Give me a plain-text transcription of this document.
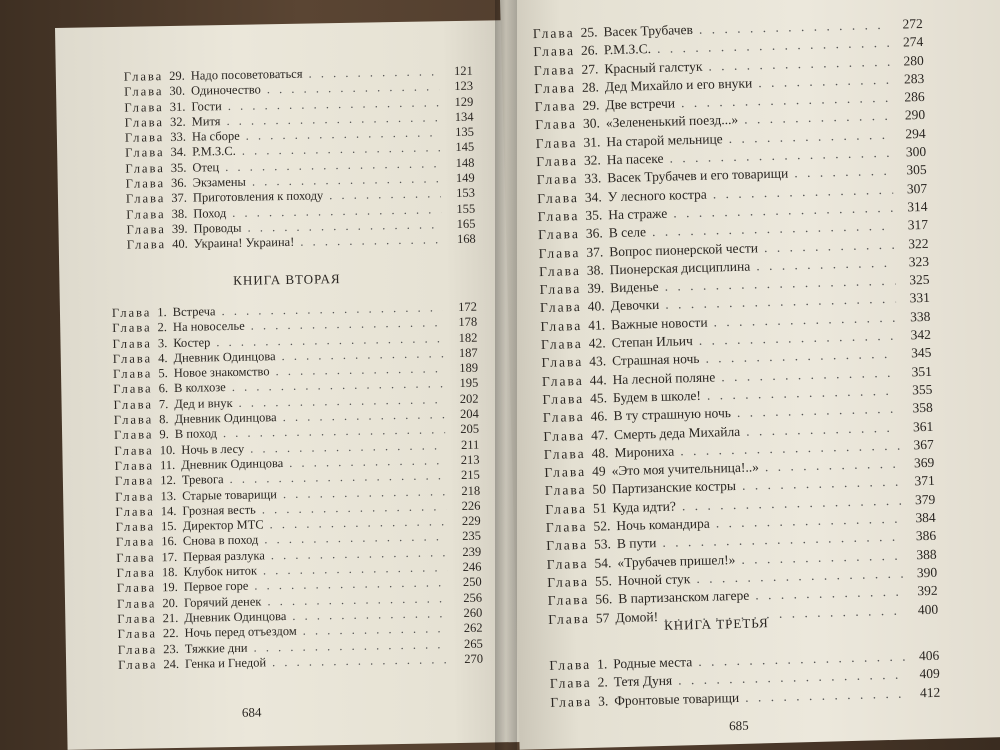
Глава 29. Надо посоветоваться . . .	121
Глава 30. Одиночество . . .	123
Глава 31. Гости . . .	129
Глава 32. Митя . . .	134
Глава 33. На сборе . . .	135
Глава 34. Р.М.З.С. . . .	145
Глава 35. Отец . . .	148
Глава 36. Экзамены . . .	149
Глава 37. Приготовления к походу . . .	153
Глава 38. Поход . . .	155
Глава 39. Проводы . . .	165
Глава 40. Украина! Украина! . . .	168
КНИГА ВТОРАЯ
Глава 1. Встреча . . .	172
Глава 2. На новоселье . . .	178
Глава 3. Костер . . .	182
Глава 4. Дневник Одинцова . . .	187
Глава 5. Новое знакомство . . .	189
Глава 6. В колхозе . . .	195
Глава 7. Дед и внук . . .	202
Глава 8. Дневник Одинцова . . .	204
Глава 9. В поход . . .	205
Глава 10. Ночь в лесу . . .	211
Глава 11. Дневник Одинцова . . .	213
Глава 12. Тревога . . .	215
Глава 13. Старые товарищи . . .	218
Глава 14. Грозная весть . . .	226
Глава 15. Директор МТС . . .	229
Глава 16. Снова в поход . . .	235
Глава 17. Первая разлука . . .	239
Глава 18. Клубок ниток . . .	246
Глава 19. Первое горе . . .	250
Глава 20. Горячий денек . . .	256
Глава 21. Дневник Одинцова . . .	260
Глава 22. Ночь перед отъездом . . .	262
Глава 23. Тяжкие дни . . .	265
Глава 24. Генка и Гнедой . . .	270
684
Глава 25. Васек Трубачев . . .	272
Глава 26. Р.М.З.С. . . .	274
Глава 27. Красный галстук . . .	280
Глава 28. Дед Михайло и его внуки . . .	283
Глава 29. Две встречи . . .	286
Глава 30. «Зелененький поезд...» . . .	290
Глава 31. На старой мельнице . . .	294
Глава 32. На пасеке . . .	300
Глава 33. Васек Трубачев и его товарищи . . .	305
Глава 34. У лесного костра . . .	307
Глава 35. На страже . . .	314
Глава 36. В селе . . .	317
Глава 37. Вопрос пионерской чести . . .	322
Глава 38. Пионерская дисциплина . . .	323
Глава 39. Виденье . . .	325
Глава 40. Девочки . . .	331
Глава 41. Важные новости . . .	338
Глава 42. Степан Ильич . . .	342
Глава 43. Страшная ночь . . .	345
Глава 44. На лесной поляне . . .	351
Глава 45. Будем в школе! . . .	355
Глава 46. В ту страшную ночь . . .	358
Глава 47. Смерть деда Михайла . . .	361
Глава 48. Мирониха . . .	367
Глава 49 «Это моя учительница!..» . . .	369
Глава 50 Партизанские костры . . .	371
Глава 51 Куда идти? . . .	379
Глава 52. Ночь командира . . .	384
Глава 53. В пути . . .	386
Глава 54. «Трубачев пришел!» . . .	388
Глава 55. Ночной стук . . .	390
Глава 56. В партизанском лагере . . .	392
Глава 57 Домой! . . .	400
КНИГА ТРЕТЬЯ
Глава 1. Родные места . . .	406
Глава 2. Тетя Дуня . . .	409
Глава 3. Фронтовые товарищи . . .	412
685
